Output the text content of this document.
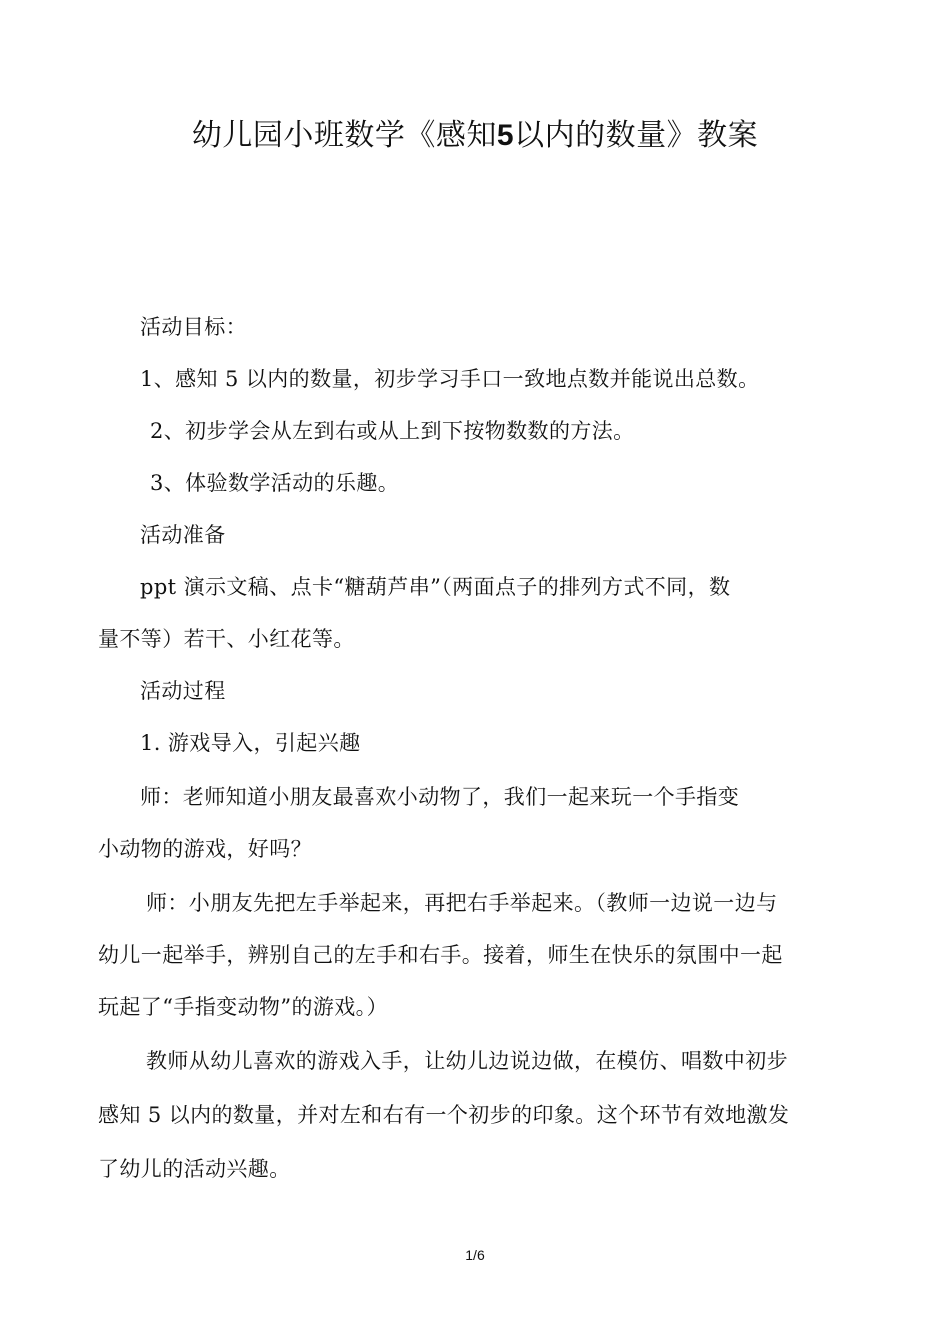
幼儿园小班数学《感知5以内的数量》教案
活动目标：
1、感知 5 以内的数量，初步学习手口一致地点数并能说出总数。
2、初步学会从左到右或从上到下按物数数的方法。
3、体验数学活动的乐趣。
活动准备
ppt 演示文稿、点卡“糖葫芦串”（两面点子的排列方式不同，数
量不等）若干、小红花等。
活动过程
1. 游戏导入，引起兴趣
师：老师知道小朋友最喜欢小动物了，我们一起来玩一个手指变
小动物的游戏，好吗？
师：小朋友先把左手举起来，再把右手举起来。（教师一边说一边与
幼儿一起举手，辨别自己的左手和右手。接着，师生在快乐的氛围中一起
玩起了“手指变动物”的游戏。）
教师从幼儿喜欢的游戏入手，让幼儿边说边做，在模仿、唱数中初步
感知 5 以内的数量，并对左和右有一个初步的印象。这个环节有效地激发
了幼儿的活动兴趣。
1/6
